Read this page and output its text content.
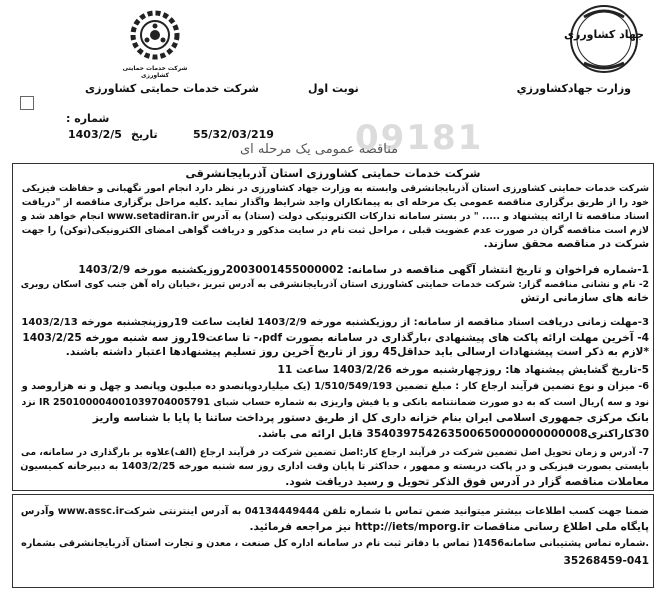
شرکت خدمات حمایتی کشاورزی
جهاد کشاورزی
وزارت جهادکشاورزي
نوبت اول
شرکت خدمات حمایتی کشاورزی
09181
شماره :
تاریخ
1403/2/5	55/32/03/219
مناقصه عمومی یک مرحله ای
شرکت خدمات حمایتی کشاورزی استان آذربایجانشرقی
شرکت خدمات حمایتی کشاورزی استان آذربایجانشرقی وابسته به وزارت جهاد کشاورزی در نظر دارد انجام امور نگهبانی و حفاظت فیزیکی
خود را از طریق برگزاری مناقصه عمومی یک مرحله ای به پیمانکاران واجد شرایط واگذار نماید .کلیه مراحل برگزاری مناقصه از "دریافت
اسناد مناقصه تا ارائه پیشنهاد و ..... " در بستر سامانه تدارکات الکترونیکی دولت (ستاد) به آدرس www.setadiran.ir انجام خواهد شد و
لازم است مناقصه گران در صورت عدم عضویت قبلی ، مراحل ثبت نام در سایت مذکور و دریافت گواهی امضای الکترونیکی(توکن) را جهت
شرکت در مناقصه محقق سازند.
1-شماره فراخوان و تاریخ انتشار آگهی مناقصه در سامانه: 2003001455000002روزیکشنبه مورخه 1403/2/9
2- نام و نشانی مناقصه گزار: شرکت خدمات حمایتی کشاورزی استان آذربایجانشرقی به آدرس تبریز ،خیابان راه آهن جنب کوی اسکان روبری
خانه های سازمانی ارتش
3-مهلت زمانی دریافت اسناد مناقصه از سامانه: از روزیکشنبه مورخه 1403/2/9 لغایت ساعت 19روزپنجشنبه مورخه 1403/2/13
4- آخرین مهلت ارائه پاکت های پیشنهادی ،بارگذاری در سامانه بصورت pdf،- تا ساعت19روز سه شنبه مورخه 1403/2/25
*لازم به ذکر است پیشنهادات ارسالی باید حداقل45 روز از تاریخ آخرین روز تسلیم پیشنهادها اعتبار داشته باشند.
5-تاریخ گشایش پیشنهاد ها: روزچهارشنبه مورخه 1403/2/26 ساعت 11
6- میزان و نوع تضمین فرآیند ارجاع کار : مبلغ تضمین 1/510/549/193 (یک میلیاردوپانصدو ده میلیون وپانصد و چهل و نه هزاروصد و
نود و سه )ریال است که به دو صورت ضمانتنامه بانکی و یا فیش واریزی به شماره حساب شبای IR 250100004001039704005791 نزد
بانک مرکزی جمهوری اسلامی ایران بنام خزانه داری کل از طریق دستور پرداخت ساتنا یا پایا با شناسه واریز
30کاراکتری354039754263500650000000000008 قابل ارائه می باشد.
7- آدرس و زمان تحویل اصل تضمین شرکت در فرآیند ارجاع کار:اصل تضمین شرکت در فرآیند ارجاع (الف)علاوه بر بارگذاری در سامانه، می
بایستی بصورت فیزیکی و در پاکت دربسته و ممهور ، حداکثر تا پایان وقت اداری روز سه شنبه مورخه 1403/2/25 به دبیرخانه کمیسیون
معاملات مناقصه گزار در آدرس فوق الذکر تحویل و رسید دریافت شود.
ضمنا جهت کسب اطلاعات بیشتر میتوانید ضمن تماس با شماره تلفن 04134449444 به آدرس اینترنتی شرکتwww.assc.ir وآدرس
پایگاه ملی اطلاع رسانی مناقصات http://iets/mporg.ir نیز مراجعه فرمائید.
.شماره تماس پشتیبانی سامانه1456( تماس با دفاتر ثبت نام در سامانه اداره کل صنعت ، معدن و تجارت استان آذربایجانشرقی بشماره
35268459-041
